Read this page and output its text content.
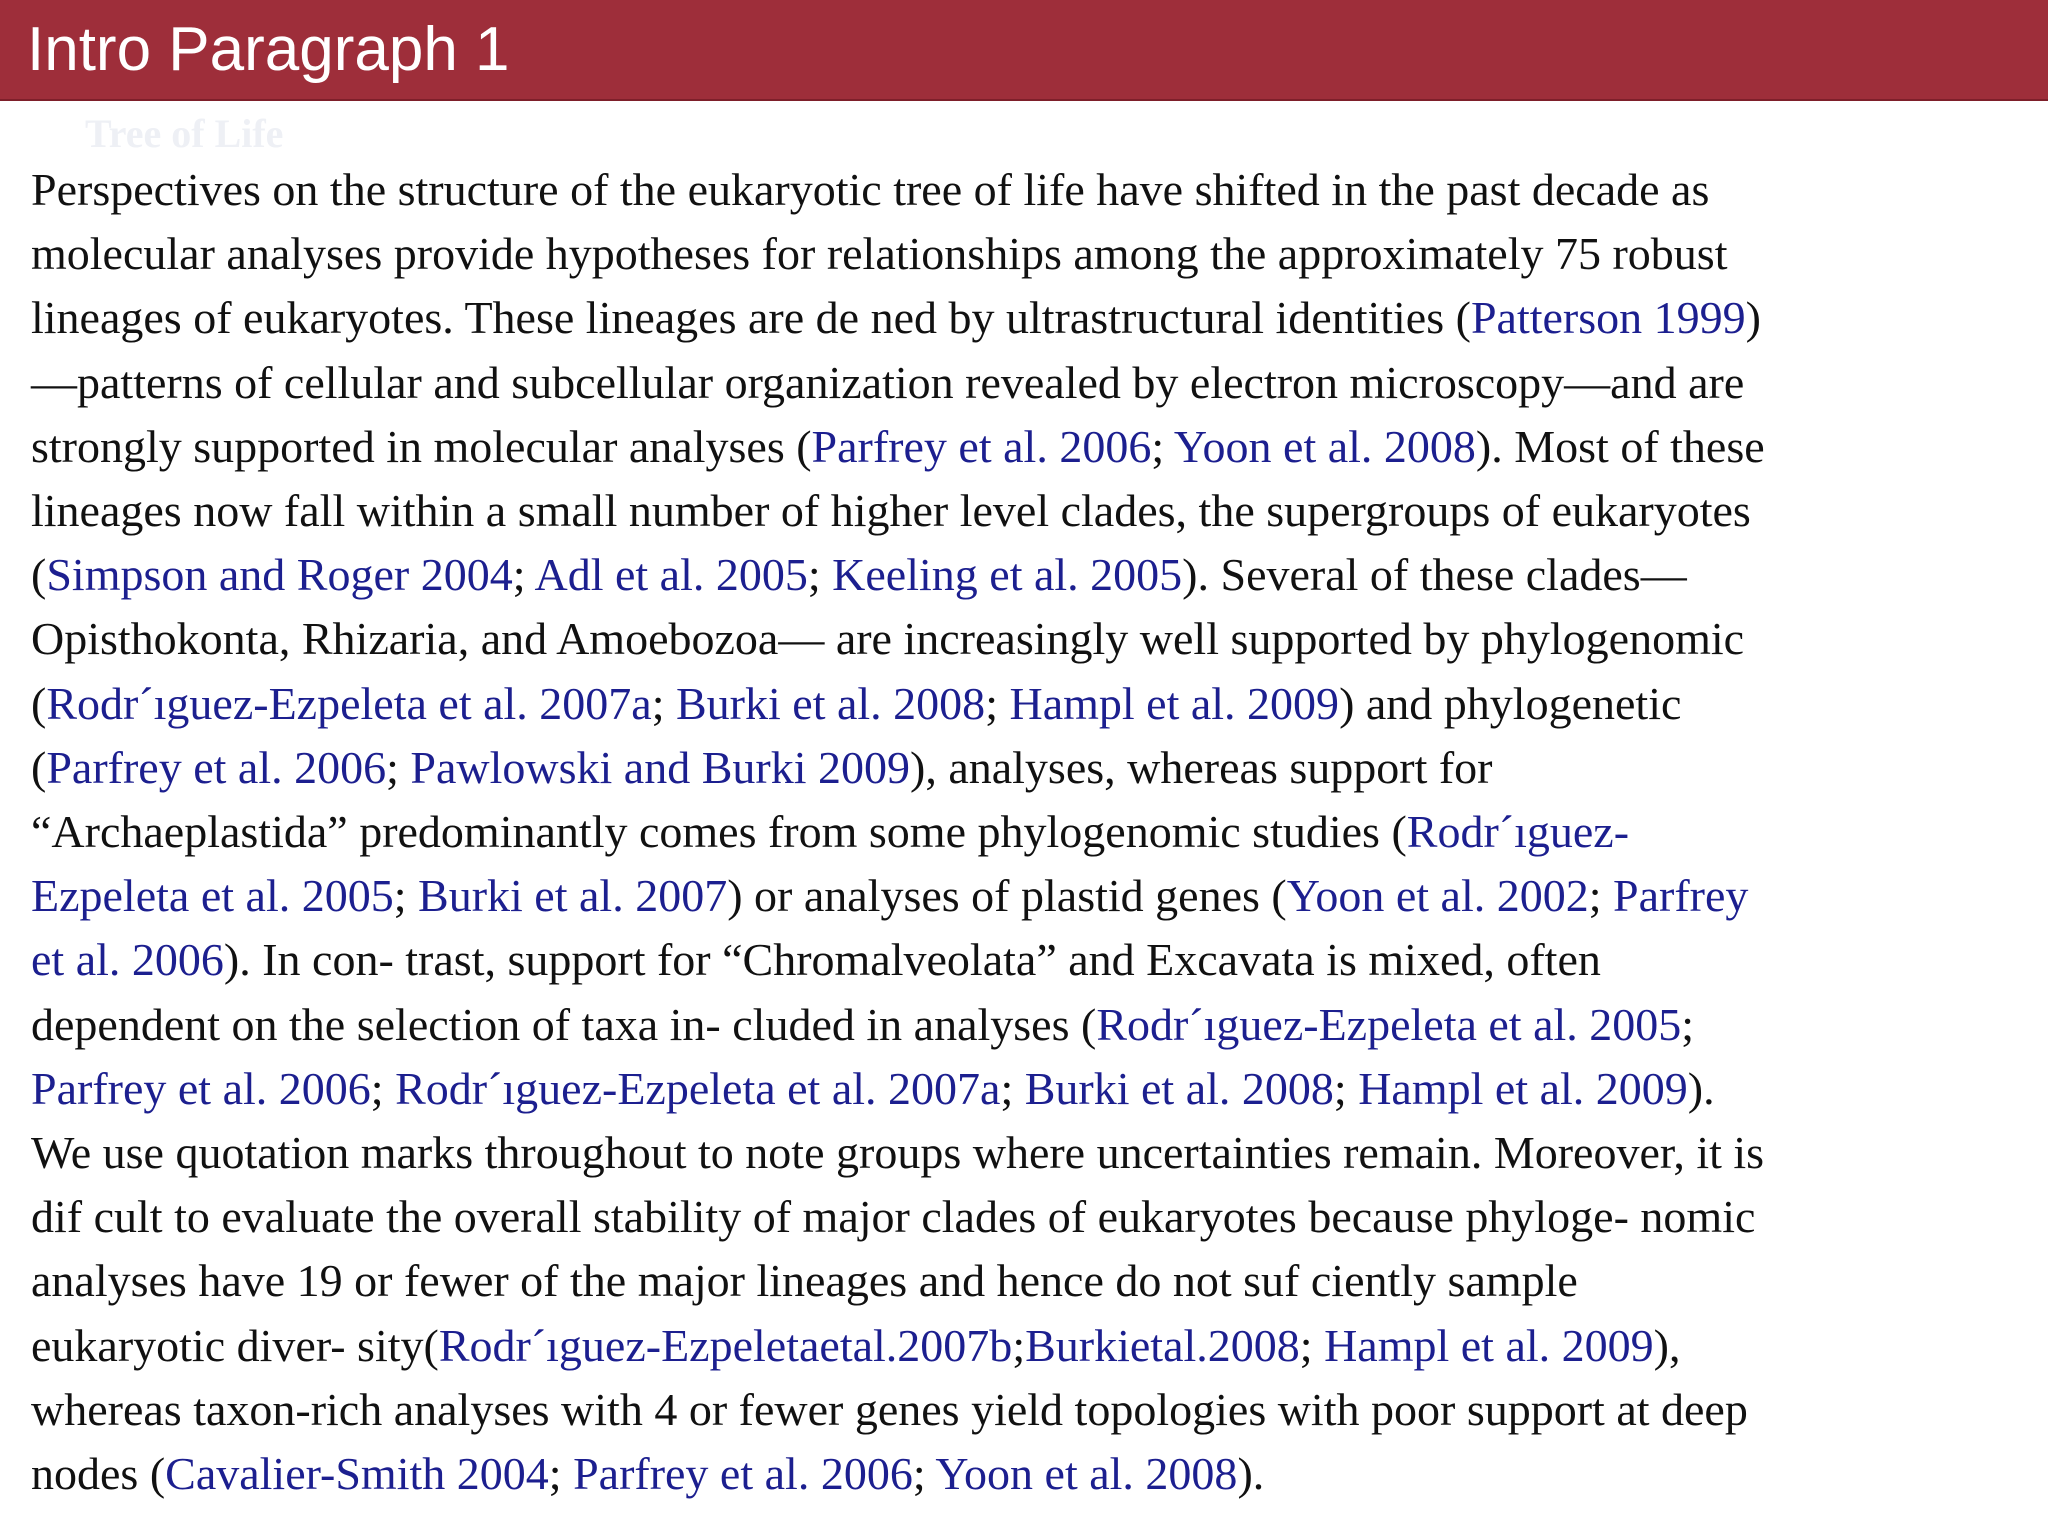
Intro Paragraph 1
Tree of Life
Perspectives on the structure of the eukaryotic tree of life have shifted in the past decade as
molecular analyses provide hypotheses for relationships among the approximately 75 robust
lineages of eukaryotes. These lineages are de ned by ultrastructural identities (Patterson 1999)
—patterns of cellular and subcellular organization revealed by electron microscopy—and are
strongly supported in molecular analyses (Parfrey et al. 2006; Yoon et al. 2008). Most of these
lineages now fall within a small number of higher level clades, the supergroups of eukaryotes
(Simpson and Roger 2004; Adl et al. 2005; Keeling et al. 2005). Several of these clades—
Opisthokonta, Rhizaria, and Amoebozoa— are increasingly well supported by phylogenomic
(Rodr´ıguez-Ezpeleta et al. 2007a; Burki et al. 2008; Hampl et al. 2009) and phylogenetic
(Parfrey et al. 2006; Pawlowski and Burki 2009), analyses, whereas support for
“Archaeplastida” predominantly comes from some phylogenomic studies (Rodr´ıguez-
Ezpeleta et al. 2005; Burki et al. 2007) or analyses of plastid genes (Yoon et al. 2002; Parfrey
et al. 2006). In con- trast, support for “Chromalveolata” and Excavata is mixed, often
dependent on the selection of taxa in- cluded in analyses (Rodr´ıguez-Ezpeleta et al. 2005;
Parfrey et al. 2006; Rodr´ıguez-Ezpeleta et al. 2007a; Burki et al. 2008; Hampl et al. 2009).
We use quotation marks throughout to note groups where uncertainties remain. Moreover, it is
dif cult to evaluate the overall stability of major clades of eukaryotes because phyloge- nomic
analyses have 19 or fewer of the major lineages and hence do not suf ciently sample
eukaryotic diver- sity(Rodr´ıguez-Ezpeletaetal.2007b;Burkietal.2008; Hampl et al. 2009),
whereas taxon-rich analyses with 4 or fewer genes yield topologies with poor support at deep
nodes (Cavalier-Smith 2004; Parfrey et al. 2006; Yoon et al. 2008).
